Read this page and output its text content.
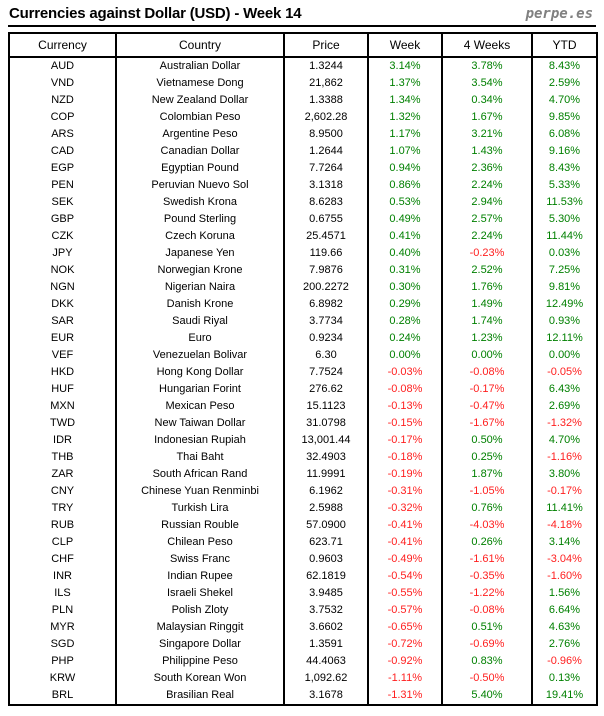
Currencies against Dollar (USD) - Week 14	perpe.es
Currency	Country	Price	Week	4 Weeks	YTD
AUD	Australian Dollar	1.3244	3.14%	3.78%	8.43%
VND	Vietnamese Dong	21,862	1.37%	3.54%	2.59%
NZD	New Zealand Dollar	1.3388	1.34%	0.34%	4.70%
COP	Colombian Peso	2,602.28	1.32%	1.67%	9.85%
ARS	Argentine Peso	8.9500	1.17%	3.21%	6.08%
CAD	Canadian Dollar	1.2644	1.07%	1.43%	9.16%
EGP	Egyptian Pound	7.7264	0.94%	2.36%	8.43%
PEN	Peruvian Nuevo Sol	3.1318	0.86%	2.24%	5.33%
SEK	Swedish Krona	8.6283	0.53%	2.94%	11.53%
GBP	Pound Sterling	0.6755	0.49%	2.57%	5.30%
CZK	Czech Koruna	25.4571	0.41%	2.24%	11.44%
JPY	Japanese Yen	119.66	0.40%	-0.23%	0.03%
NOK	Norwegian Krone	7.9876	0.31%	2.52%	7.25%
NGN	Nigerian Naira	200.2272	0.30%	1.76%	9.81%
DKK	Danish Krone	6.8982	0.29%	1.49%	12.49%
SAR	Saudi Riyal	3.7734	0.28%	1.74%	0.93%
EUR	Euro	0.9234	0.24%	1.23%	12.11%
VEF	Venezuelan Bolivar	6.30	0.00%	0.00%	0.00%
HKD	Hong Kong Dollar	7.7524	-0.03%	-0.08%	-0.05%
HUF	Hungarian Forint	276.62	-0.08%	-0.17%	6.43%
MXN	Mexican Peso	15.1123	-0.13%	-0.47%	2.69%
TWD	New Taiwan Dollar	31.0798	-0.15%	-1.67%	-1.32%
IDR	Indonesian Rupiah	13,001.44	-0.17%	0.50%	4.70%
THB	Thai Baht	32.4903	-0.18%	0.25%	-1.16%
ZAR	South African Rand	11.9991	-0.19%	1.87%	3.80%
CNY	Chinese Yuan Renminbi	6.1962	-0.31%	-1.05%	-0.17%
TRY	Turkish Lira	2.5988	-0.32%	0.76%	11.41%
RUB	Russian Rouble	57.0900	-0.41%	-4.03%	-4.18%
CLP	Chilean Peso	623.71	-0.41%	0.26%	3.14%
CHF	Swiss Franc	0.9603	-0.49%	-1.61%	-3.04%
INR	Indian Rupee	62.1819	-0.54%	-0.35%	-1.60%
ILS	Israeli Shekel	3.9485	-0.55%	-1.22%	1.56%
PLN	Polish Zloty	3.7532	-0.57%	-0.08%	6.64%
MYR	Malaysian Ringgit	3.6602	-0.65%	0.51%	4.63%
SGD	Singapore Dollar	1.3591	-0.72%	-0.69%	2.76%
PHP	Philippine Peso	44.4063	-0.92%	0.83%	-0.96%
KRW	South Korean Won	1,092.62	-1.11%	-0.50%	0.13%
BRL	Brasilian Real	3.1678	-1.31%	5.40%	19.41%
